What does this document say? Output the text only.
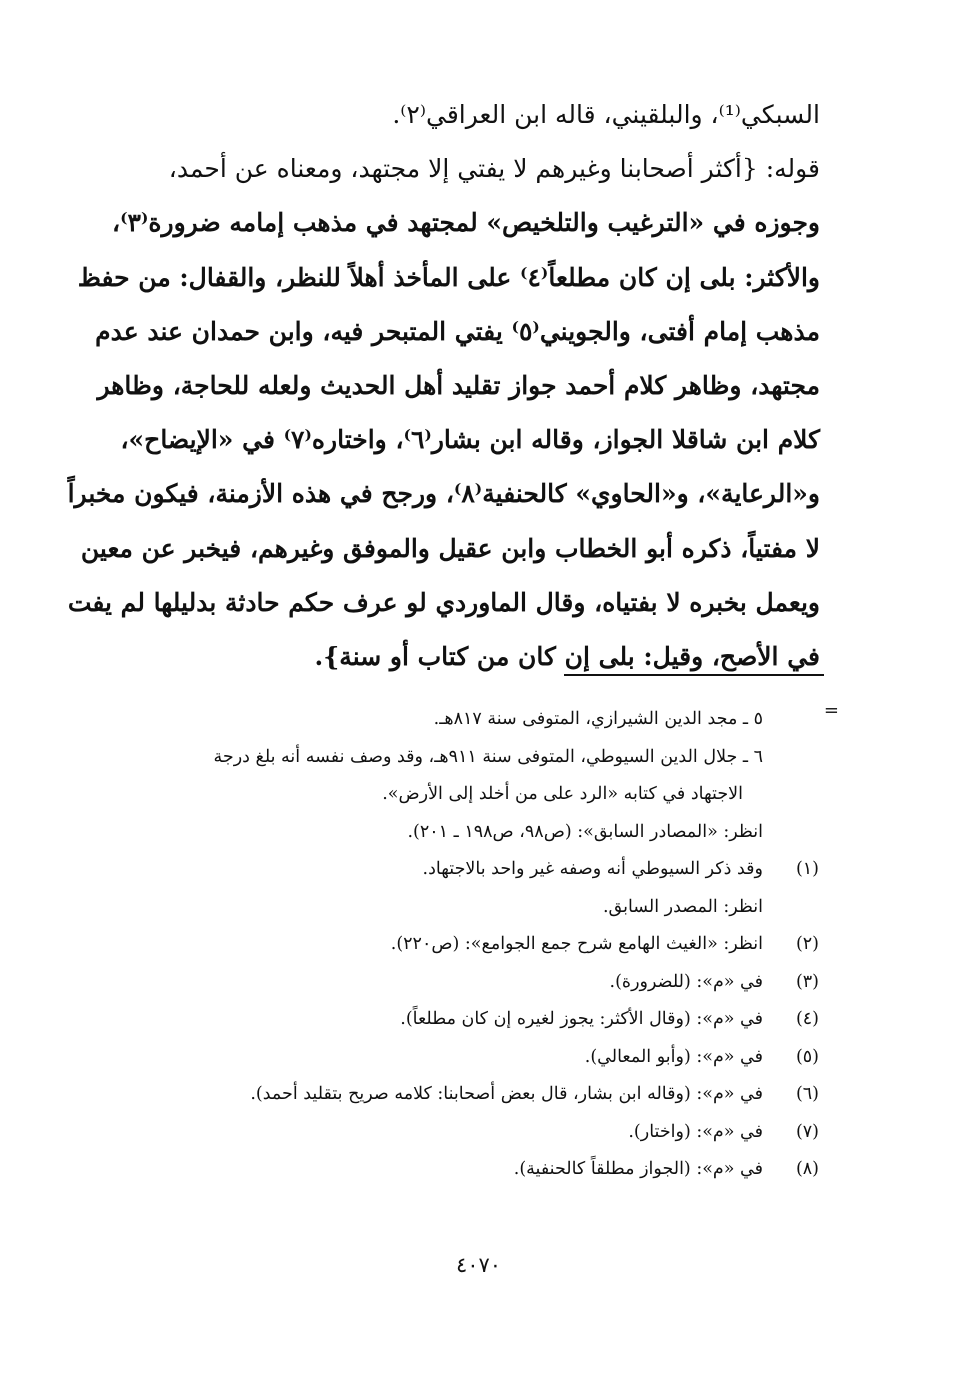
السبكي⁽¹⁾، والبلقيني، قاله ابن العراقي⁽٢⁾.
قوله: {أكثر أصحابنا وغيرهم لا يفتي إلا مجتهد، ومعناه عن أحمد،
وجوزه في «الترغيب والتلخيص» لمجتهد في مذهب إمامه ضرورة⁽٣⁾،
والأكثر: بلى إن كان مطلعاً⁽٤⁾ على المأخذ أهلاً للنظر، والقفال: من حفظ
مذهب إمام أفتى، والجويني⁽٥⁾ يفتي المتبحر فيه، وابن حمدان عند عدم
مجتهد، وظاهر كلام أحمد جواز تقليد أهل الحديث ولعله للحاجة، وظاهر
كلام ابن شاقلا الجواز، وقاله ابن بشار⁽٦⁾، واختاره⁽٧⁾ في «الإيضاح»،
و«الرعاية»، و«الحاوي» كالحنفية⁽٨⁾، ورجح في هذه الأزمنة، فيكون مخبراً
لا مفتياً، ذكره أبو الخطاب وابن عقيل والموفق وغيرهم، فيخبر عن معين
ويعمل بخبره لا بفتياه، وقال الماوردي لو عرف حكم حادثة بدليلها لم يفت
في الأصح، وقيل: بلى إن كان من كتاب أو سنة}.
=
٥ ـ مجد الدين الشيرازي، المتوفى سنة ٨١٧هـ.
٦ ـ جلال الدين السيوطي، المتوفى سنة ٩١١هـ، وقد وصف نفسه أنه بلغ درجة
الاجتهاد في كتابه «الرد على من أخلد إلى الأرض».
انظر: «المصادر السابق»: (ص٩٨، ص١٩٨ ـ ٢٠١).
(١)
وقد ذكر السيوطي أنه وصفه غير واحد بالاجتهاد.
انظر: المصدر السابق.
(٢)
انظر: «الغيث الهامع شرح جمع الجوامع»: (ص٢٢٠).
(٣)
في «م»: (للضرورة).
(٤)
في «م»: (وقال الأكثر: يجوز لغيره إن كان مطلعاً).
(٥)
في «م»: (وأبو المعالي).
(٦)
في «م»: (وقاله ابن بشار، قال بعض أصحابنا: كلامه صريح بتقليد أحمد).
(٧)
في «م»: (واختار).
(٨)
في «م»: (الجواز مطلقاً كالحنفية).
٤٠٧٠
